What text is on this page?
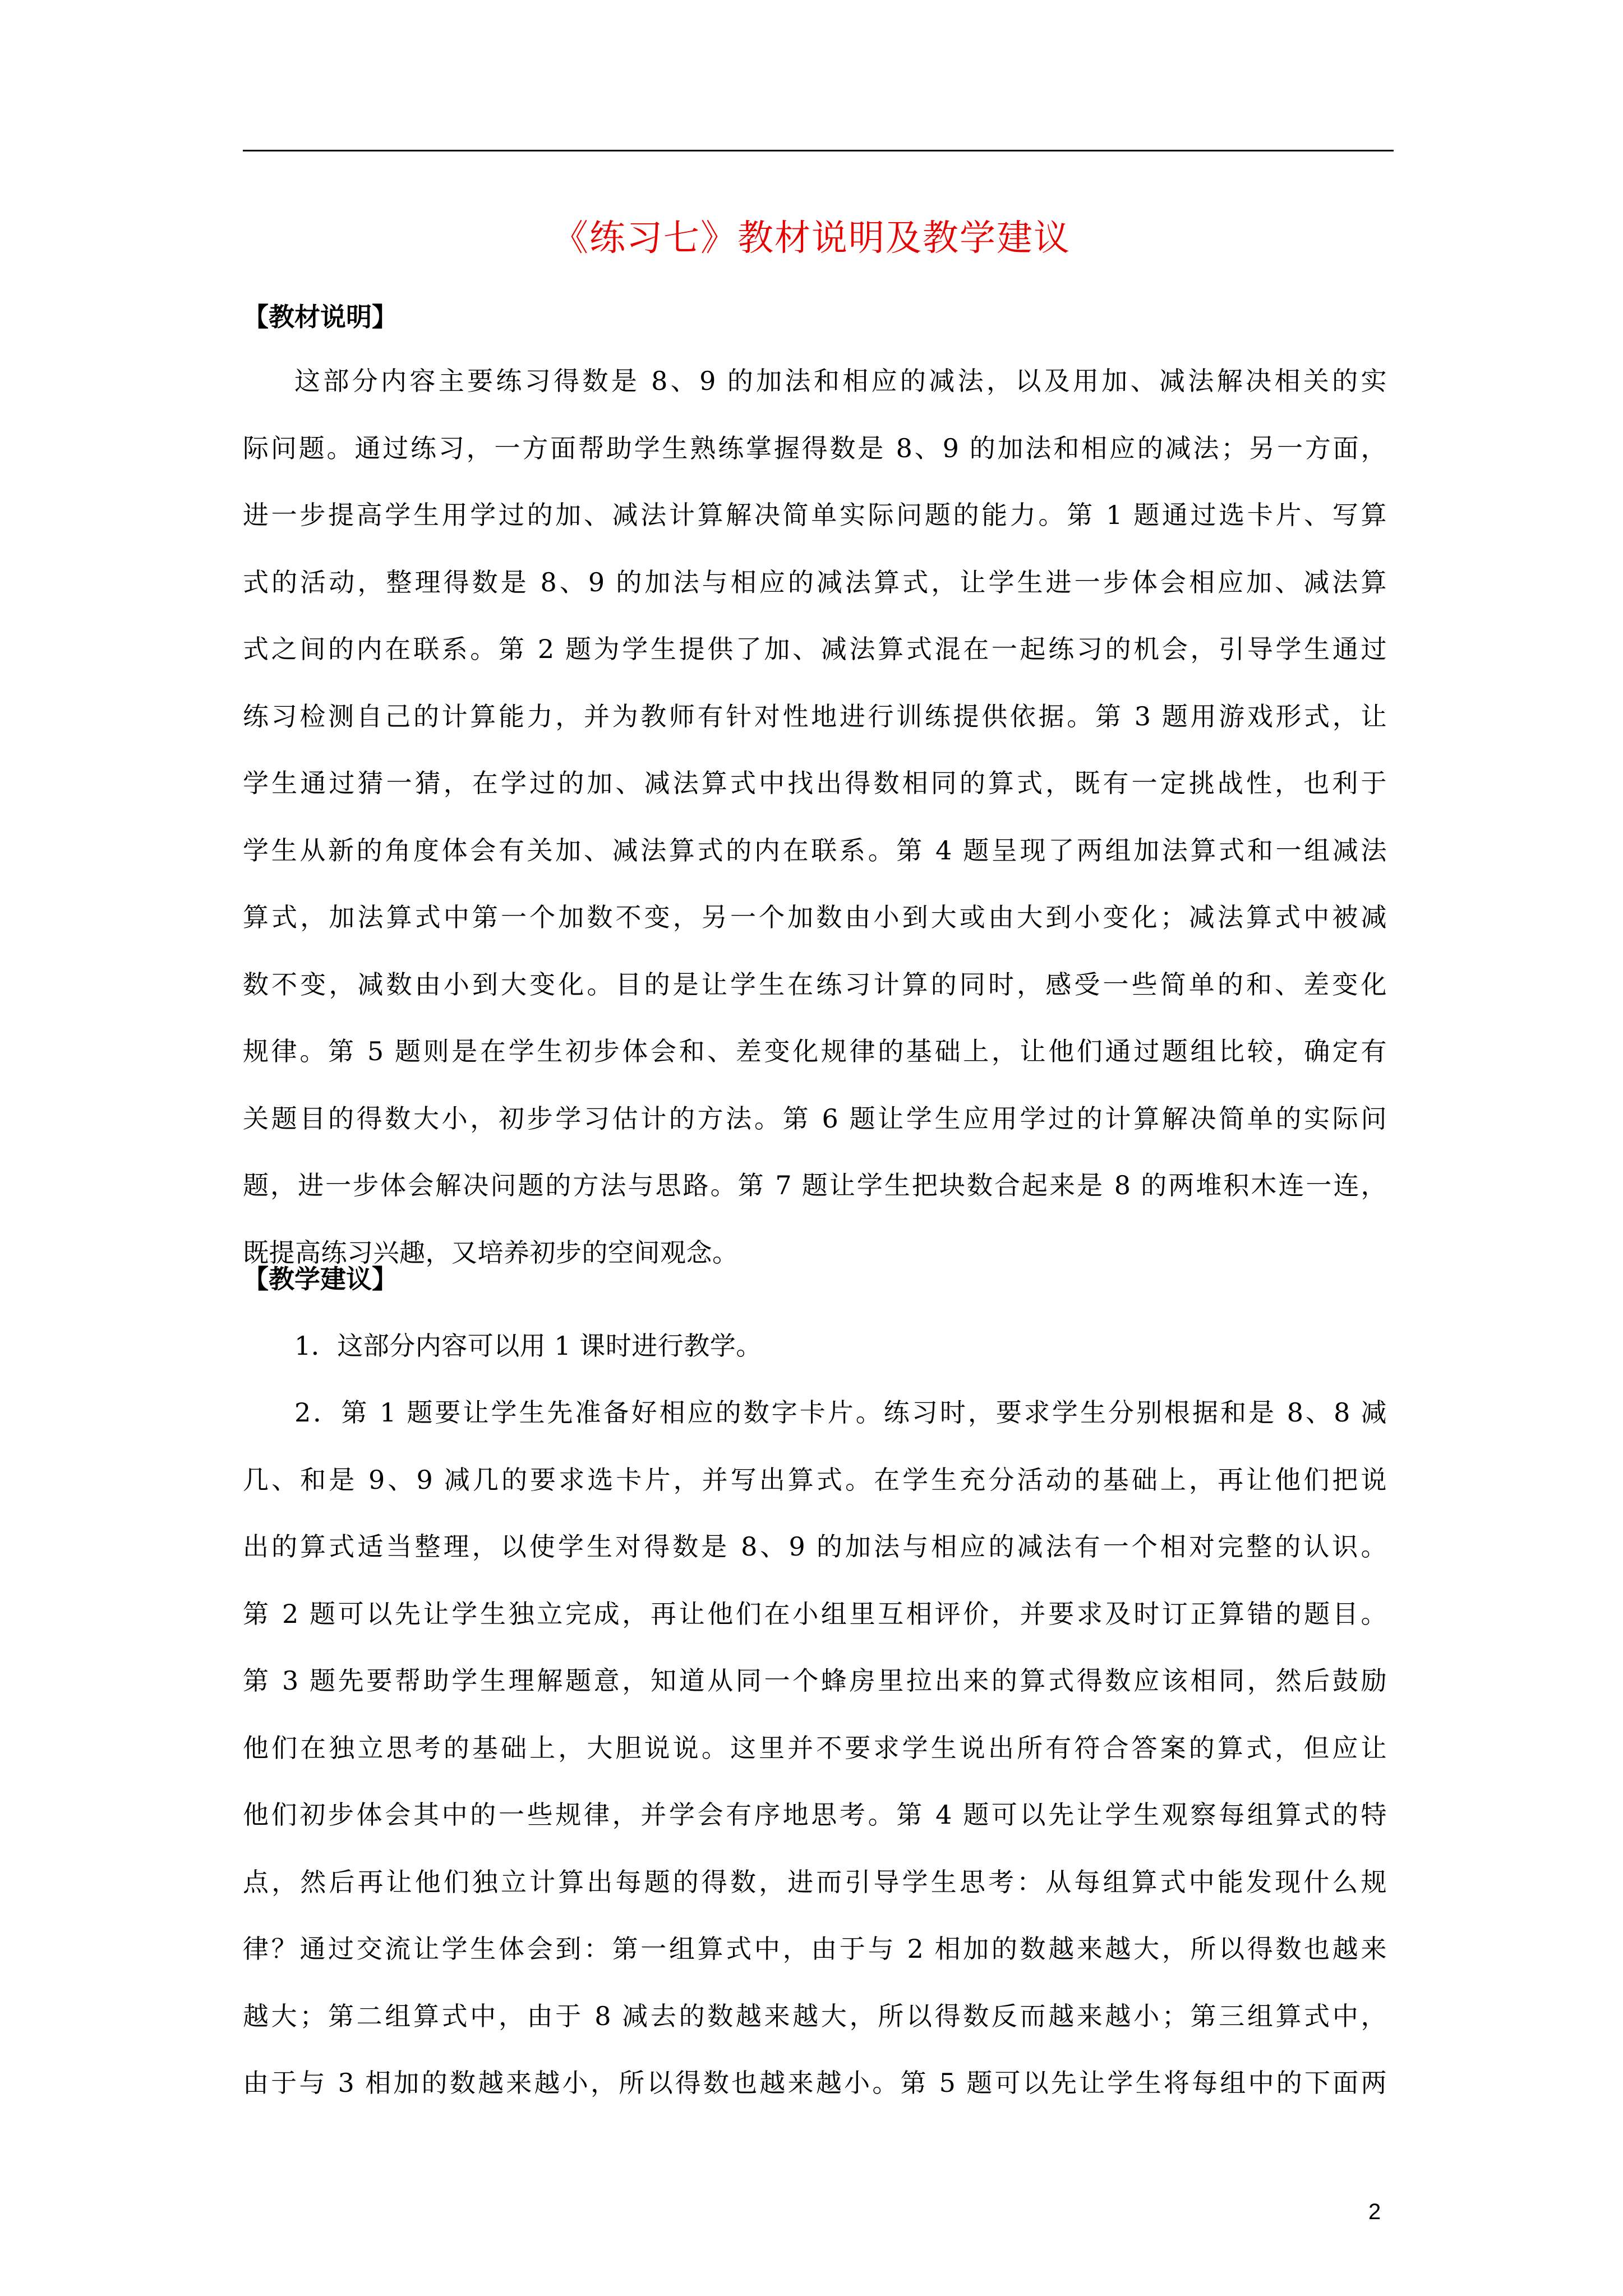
《练习七》教材说明及教学建议
【教材说明】
这部分内容主要练习得数是 8、9 的加法和相应的减法，以及用加、减法解决相关的实
际问题。通过练习，一方面帮助学生熟练掌握得数是 8、9 的加法和相应的减法；另一方面，
进一步提高学生用学过的加、减法计算解决简单实际问题的能力。第 1 题通过选卡片、写算
式的活动，整理得数是 8、9 的加法与相应的减法算式，让学生进一步体会相应加、减法算
式之间的内在联系。第 2 题为学生提供了加、减法算式混在一起练习的机会，引导学生通过
练习检测自己的计算能力，并为教师有针对性地进行训练提供依据。第 3 题用游戏形式，让
学生通过猜一猜，在学过的加、减法算式中找出得数相同的算式，既有一定挑战性，也利于
学生从新的角度体会有关加、减法算式的内在联系。第 4 题呈现了两组加法算式和一组减法
算式，加法算式中第一个加数不变，另一个加数由小到大或由大到小变化；减法算式中被减
数不变，减数由小到大变化。目的是让学生在练习计算的同时，感受一些简单的和、差变化
规律。第 5 题则是在学生初步体会和、差变化规律的基础上，让他们通过题组比较，确定有
关题目的得数大小，初步学习估计的方法。第 6 题让学生应用学过的计算解决简单的实际问
题，进一步体会解决问题的方法与思路。第 7 题让学生把块数合起来是 8 的两堆积木连一连，
既提高练习兴趣，又培养初步的空间观念。
【教学建议】
1．这部分内容可以用 1 课时进行教学。
2．第 1 题要让学生先准备好相应的数字卡片。练习时，要求学生分别根据和是 8、8 减
几、和是 9、9 减几的要求选卡片，并写出算式。在学生充分活动的基础上，再让他们把说
出的算式适当整理，以使学生对得数是 8、9 的加法与相应的减法有一个相对完整的认识。
第 2 题可以先让学生独立完成，再让他们在小组里互相评价，并要求及时订正算错的题目。
第 3 题先要帮助学生理解题意，知道从同一个蜂房里拉出来的算式得数应该相同，然后鼓励
他们在独立思考的基础上，大胆说说。这里并不要求学生说出所有符合答案的算式，但应让
他们初步体会其中的一些规律，并学会有序地思考。第 4 题可以先让学生观察每组算式的特
点，然后再让他们独立计算出每题的得数，进而引导学生思考：从每组算式中能发现什么规
律？通过交流让学生体会到：第一组算式中，由于与 2 相加的数越来越大，所以得数也越来
越大；第二组算式中，由于 8 减去的数越来越大，所以得数反而越来越小；第三组算式中，
由于与 3 相加的数越来越小，所以得数也越来越小。第 5 题可以先让学生将每组中的下面两
2
